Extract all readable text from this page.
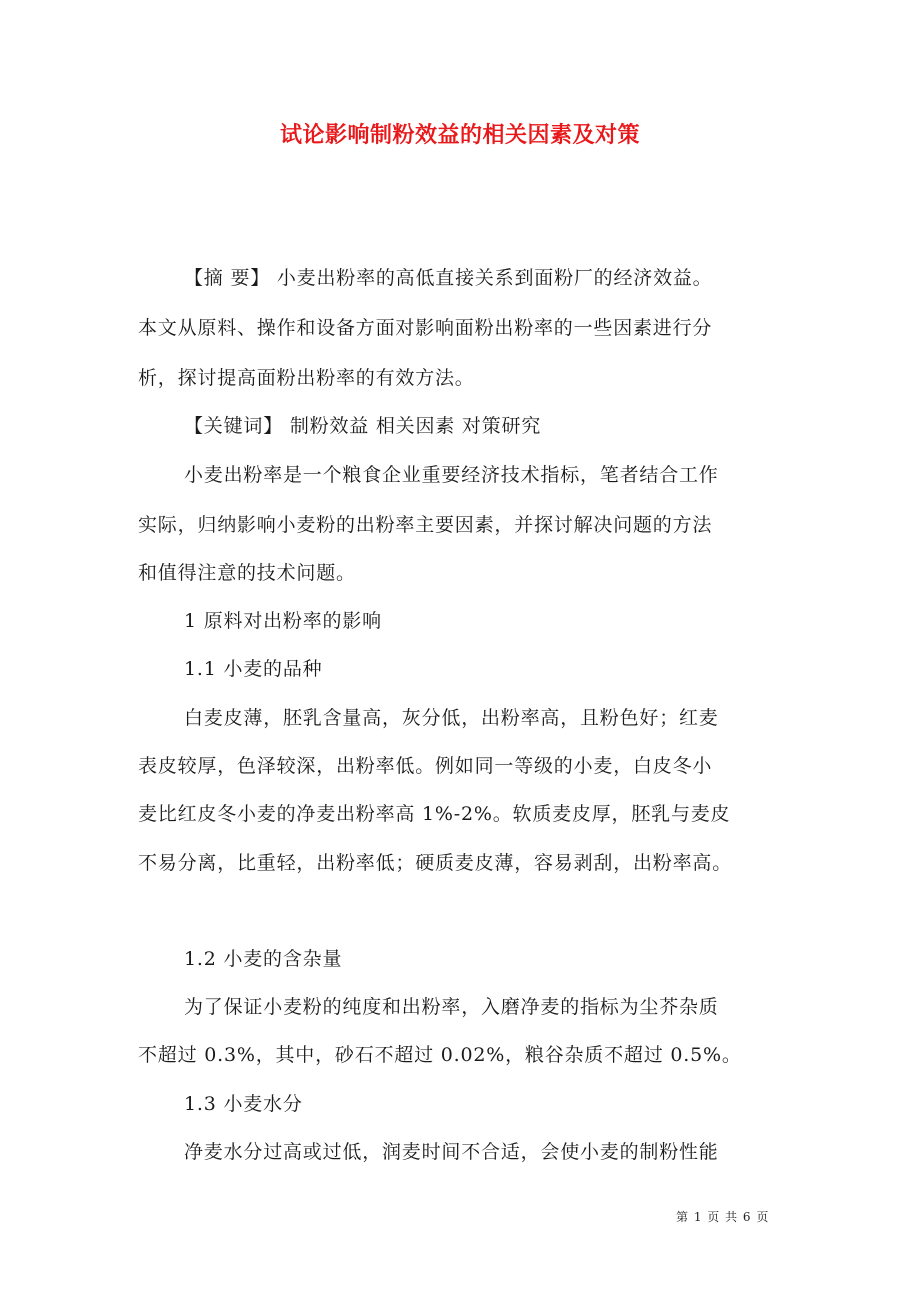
试论影响制粉效益的相关因素及对策
【摘 要】 小麦出粉率的高低直接关系到面粉厂的经济效益。
本文从原料、操作和设备方面对影响面粉出粉率的一些因素进行分
析，探讨提高面粉出粉率的有效方法。
【关键词】 制粉效益 相关因素 对策研究
小麦出粉率是一个粮食企业重要经济技术指标，笔者结合工作
实际，归纳影响小麦粉的出粉率主要因素，并探讨解决问题的方法
和值得注意的技术问题。
1 原料对出粉率的影响
1.1 小麦的品种
白麦皮薄，胚乳含量高，灰分低，出粉率高，且粉色好；红麦
表皮较厚，色泽较深，出粉率低。例如同一等级的小麦，白皮冬小
麦比红皮冬小麦的净麦出粉率高 1%-2%。软质麦皮厚，胚乳与麦皮
不易分离，比重轻，出粉率低；硬质麦皮薄，容易剥刮，出粉率高。
1.2 小麦的含杂量
为了保证小麦粉的纯度和出粉率，入磨净麦的指标为尘芥杂质
不超过 0.3%，其中，砂石不超过 0.02%，粮谷杂质不超过 0.5%。
1.3 小麦水分
净麦水分过高或过低，润麦时间不合适，会使小麦的制粉性能
第 1 页 共 6 页
